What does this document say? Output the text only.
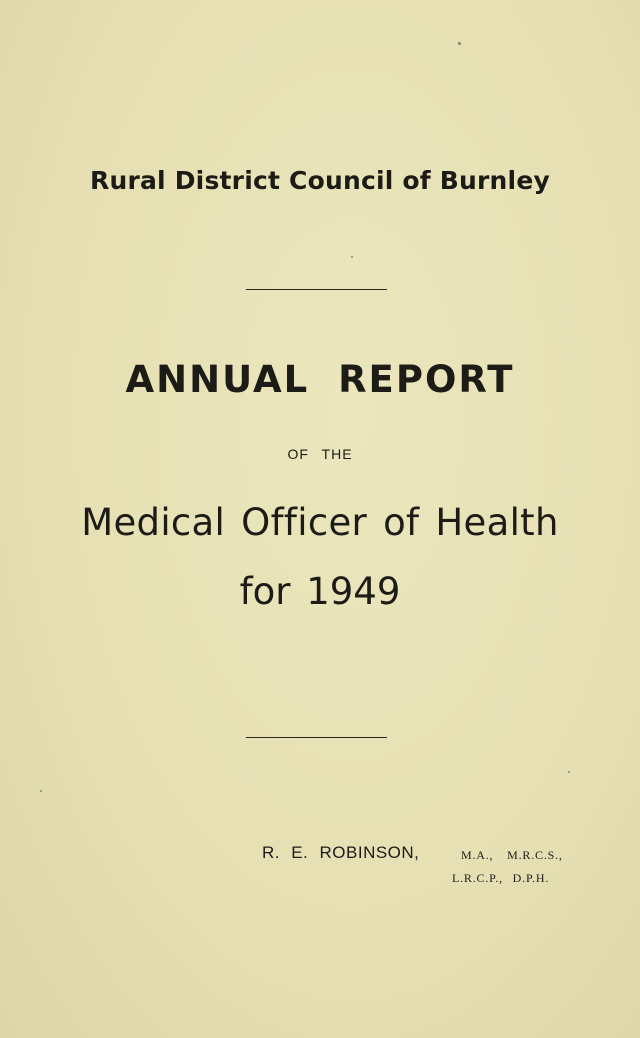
Rural District Council of Burnley
ANNUAL REPORT
OF THE
Medical Officer of Health
for 1949
R. E. ROBINSON,	M.A., M.R.C.S.,
L.R.C.P., D.P.H.
